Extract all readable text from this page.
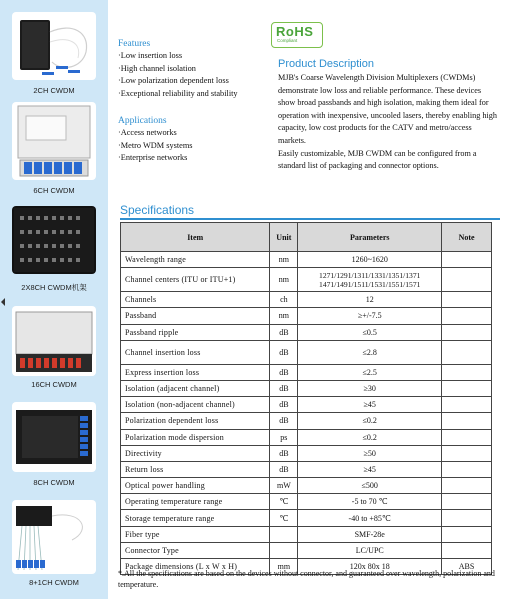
2CH CWDM
6CH CWDM
2X8CH CWDM机架
16CH CWDM
8CH CWDM
8+1CH CWDM
Features
·Low insertion loss
·High channel isolation
·Low polarization dependent loss
·Exceptional reliability and stability
Applications
·Access networks
·Metro WDM systems
·Enterprise networks
RoHS
Compliant
Product Description

MJB's Coarse Wavelength Division Multiplexers (CWDMs) demonstrate low loss and reliable performance. These devices show broad passbands and high isolation, making them ideal for operation with inexpensive, uncooled lasers, thereby enabling high capacity, low cost products for the CATV and metro/access markets.

Easily customizable, MJB CWDM can be configured from a standard list of packaging and connector options.

Specifications
Item	Unit	Parameters	Note
Wavelength range	nm	1260~1620	
Channel centers (ITU or ITU+1)	nm	1271/1291/1311/1331/1351/1371 1471/1491/1511/1531/1551/1571	
Channels	ch	12	
Passband	nm	≥+/-7.5	
Passband ripple	dB	≤0.5	
Channel insertion loss	dB	≤2.8	
Express insertion loss	dB	≤2.5	
Isolation (adjacent channel)	dB	≥30	
Isolation (non-adjacent channel)	dB	≥45	
Polarization dependent loss	dB	≤0.2	
Polarization mode dispersion	ps	≤0.2	
Directivity	dB	≥50	
Return loss	dB	≥45	
Optical power handling	mW	≤500	
Operating temperature range	℃	-5 to 70 ℃	
Storage temperature range	℃	-40 to +85℃	
Fiber type		SMF-28e	
Connector Type		LC/UPC	
Package dimensions (L x W x H)	mm	120x 80x 18	ABS
*.All the specifications are based on the devices without connector, and guaranteed over wavelength, polarization and temperature.
